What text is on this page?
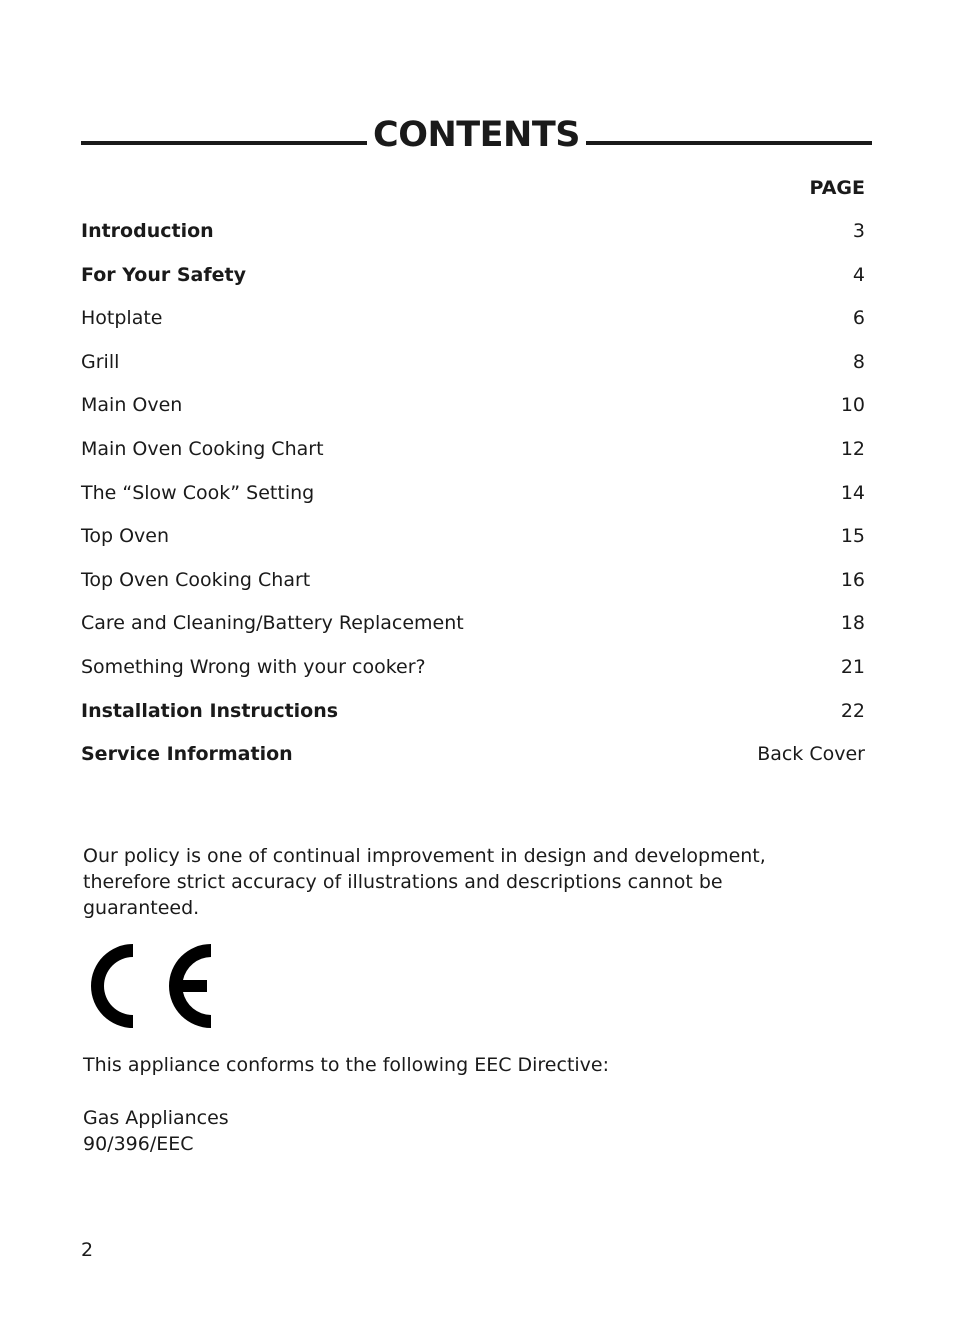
CONTENTS
PAGE
Introduction	3
For Your Safety	4
Hotplate	6
Grill	8
Main Oven	10
Main Oven Cooking Chart	12
The “Slow Cook” Setting	14
Top Oven	15
Top Oven Cooking Chart	16
Care and Cleaning/Battery Replacement	18
Something Wrong with your cooker?	21
Installation Instructions	22
Service Information	Back Cover
Our policy is one of continual improvement in design and development,
therefore strict accuracy of illustrations and descriptions cannot be
guaranteed.
This appliance conforms to the following EEC Directive:
Gas Appliances
90/396/EEC
2
